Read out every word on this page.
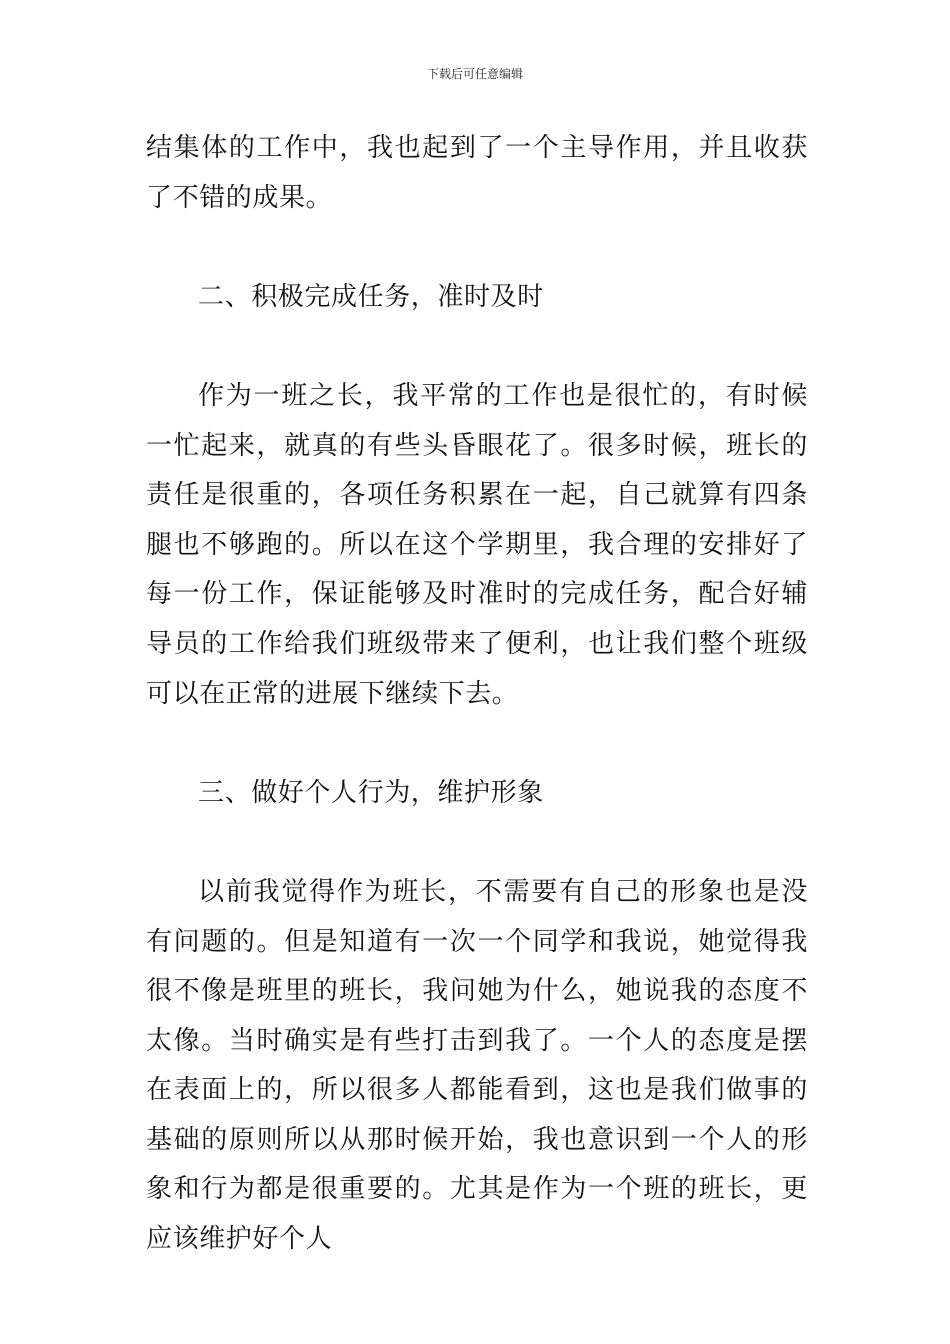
下载后可任意编辑

结集体的工作中，我也起到了一个主导作用，并且收获了不错的成果。

二、积极完成任务，准时及时

作为一班之长，我平常的工作也是很忙的，有时候一忙起来，就真的有些头昏眼花了。很多时候，班长的责任是很重的，各项任务积累在一起，自己就算有四条腿也不够跑的。所以在这个学期里，我合理的安排好了每一份工作，保证能够及时准时的完成任务，配合好辅导员的工作给我们班级带来了便利，也让我们整个班级可以在正常的进展下继续下去。

三、做好个人行为，维护形象

以前我觉得作为班长，不需要有自己的形象也是没有问题的。但是知道有一次一个同学和我说，她觉得我很不像是班里的班长，我问她为什么，她说我的态度不太像。当时确实是有些打击到我了。一个人的态度是摆在表面上的，所以很多人都能看到，这也是我们做事的基础的原则所以从那时候开始，我也意识到一个人的形象和行为都是很重要的。尤其是作为一个班的班长，更应该维护好个人
